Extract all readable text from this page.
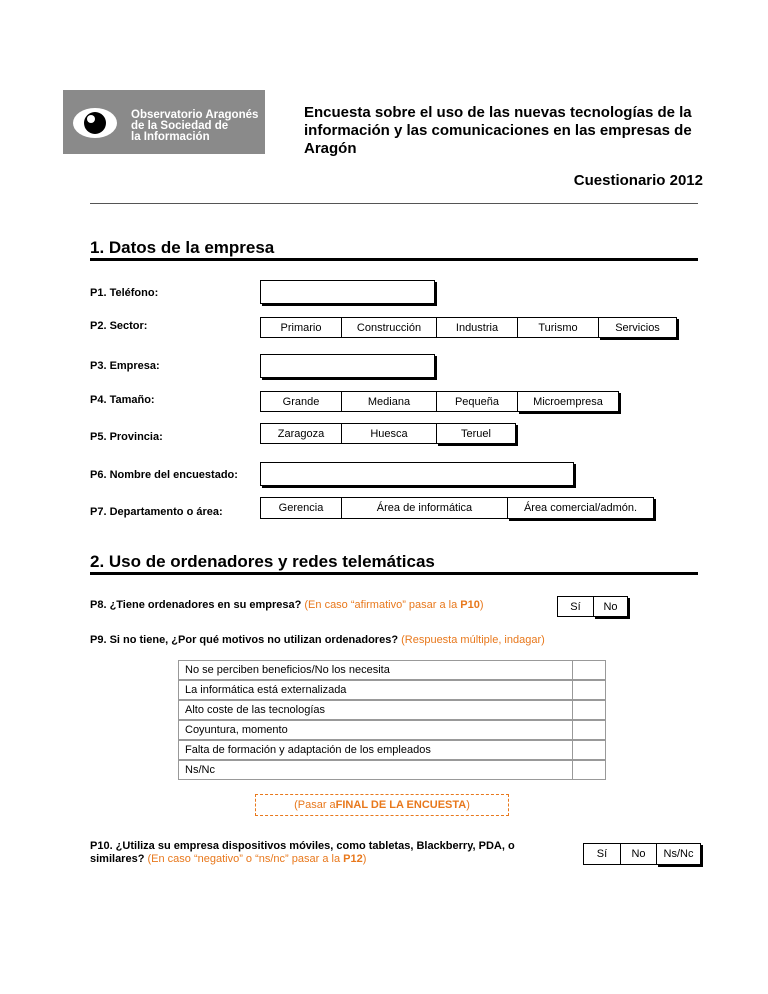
Observatorio Aragonés
de la Sociedad de
la Información
Encuesta sobre el uso de las nuevas tecnologías de la información y las comunicaciones en las empresas de Aragón
Cuestionario 2012
1. Datos de la empresa
P1. Teléfono:
P2. Sector:	Primario	Construcción	Industria	Turismo	Servicios
P3. Empresa:
P4. Tamaño:	Grande	Mediana	Pequeña	Microempresa
P5. Provincia:	Zaragoza	Huesca	Teruel
P6. Nombre del encuestado:
P7. Departamento o área:	Gerencia	Área de informática	Área comercial/admón.
2. Uso de ordenadores y redes telemáticas
P8. ¿Tiene ordenadores en su empresa? (En caso “afirmativo” pasar a la P10)	Sí	No
P9. Si no tiene, ¿Por qué motivos no utilizan ordenadores? (Respuesta múltiple, indagar)
No se perciben beneficios/No los necesita
La informática está externalizada
Alto coste de las tecnologías
Coyuntura, momento
Falta de formación y adaptación de los empleados
Ns/Nc
(Pasar a FINAL DE LA ENCUESTA )
P10. ¿Utiliza su empresa dispositivos móviles, como tabletas, Blackberry, PDA, o
similares? (En caso “negativo” o “ns/nc” pasar a la P12)	Sí	No	Ns/Nc
